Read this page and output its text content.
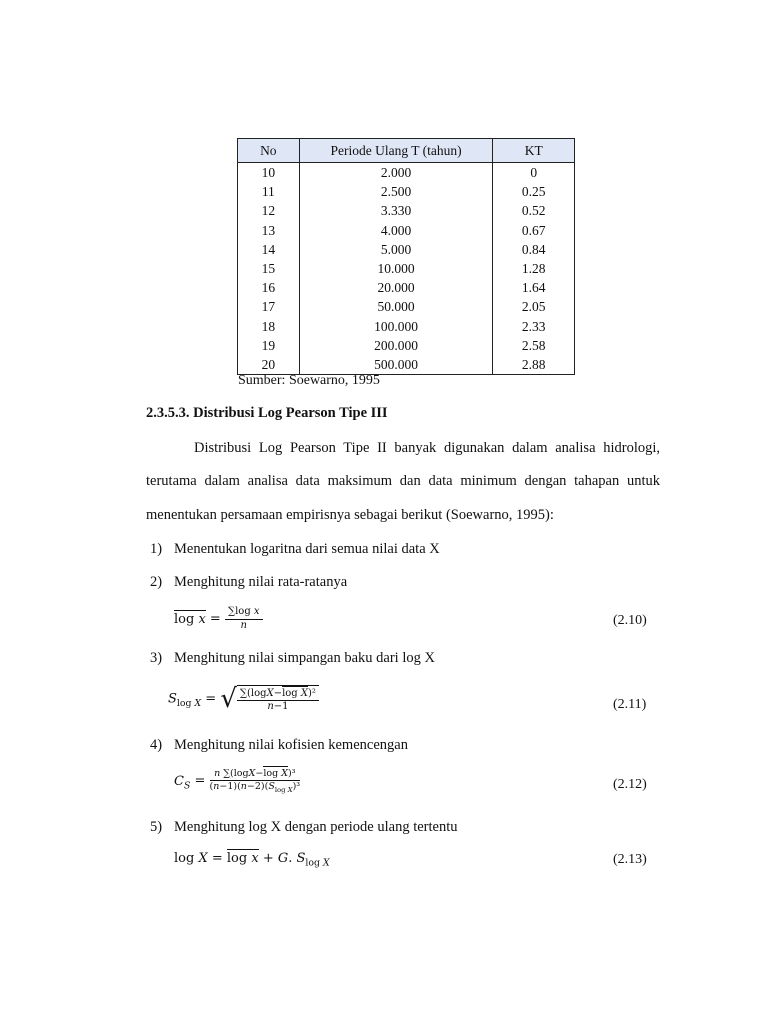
No	Periode Ulang T (tahun)	KT
10	2.000	0
11	2.500	0.25
12	3.330	0.52
13	4.000	0.67
14	5.000	0.84
15	10.000	1.28
16	20.000	1.64
17	50.000	2.05
18	100.000	2.33
19	200.000	2.58
20	500.000	2.88
Sumber: Soewarno, 1995
2.3.5.3. Distribusi Log Pearson Tipe III
Distribusi Log Pearson Tipe II banyak digunakan dalam analisa hidrologi,
terutama dalam analisa data maksimum dan data minimum dengan tahapan untuk
menentukan persamaan empirisnya sebagai berikut (Soewarno, 1995):
1) Menentukan logaritna dari semua nilai data X
2) Menghitung nilai rata-ratanya
$\log x = \frac{\text{∑log x}}{n}$	(2.10)
3) Menghitung nilai simpangan baku dari log X
$S_{log X}$ = √ $\frac{\text{∑(logX−log X)²}}{n-1}$	(2.11)
4) Menghitung nilai kofisien kemencengan
$C_S = \frac{\text{n ∑(logX−log X)³}}{(n-1)(n-2)(S_{log X})^3}$	(2.12)
5) Menghitung log X dengan periode ulang tertentu
log X = log x + G. $S_{log X}$	(2.13)
